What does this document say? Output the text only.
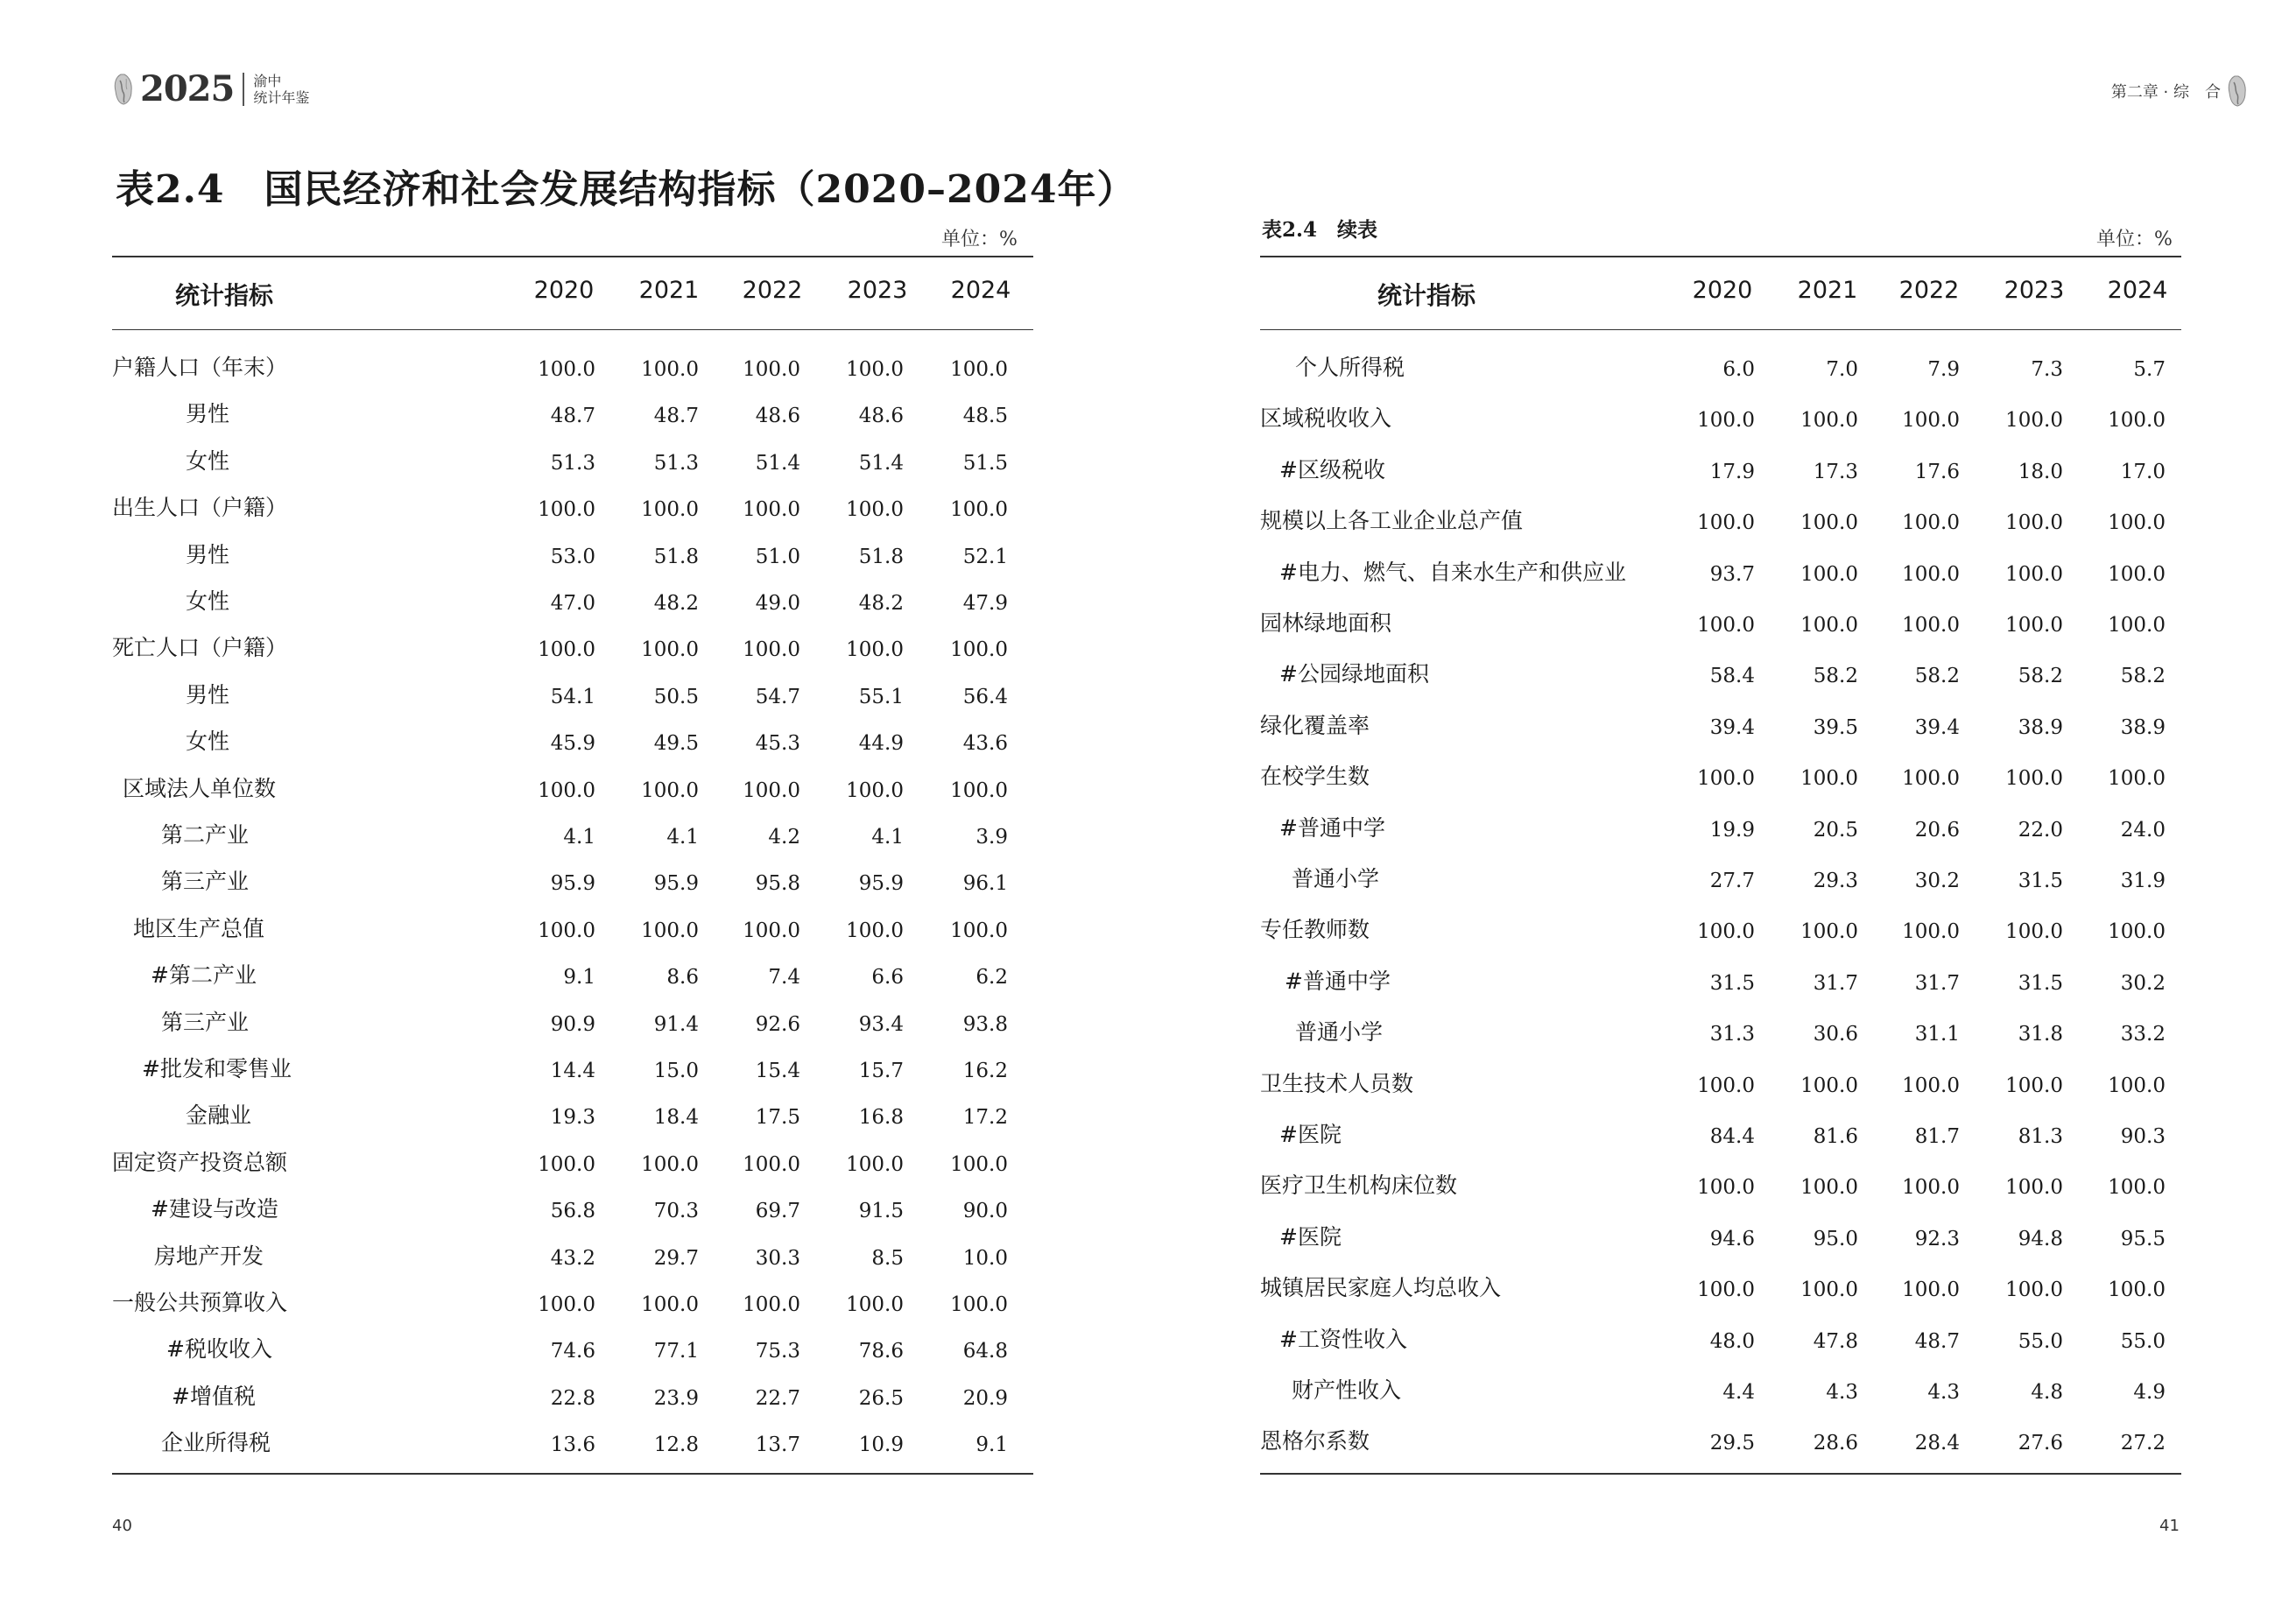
2025 渝中
统计年鉴
表2.4　国民经济和社会发展结构指标（2020–2024年）
单位：%
统计指标	2020 2021 2022 2023 2024
户籍人口（年末）	100.0	100.0	100.0	100.0	100.0
男性	48.7	48.7	48.6	48.6	48.5
女性	51.3	51.3	51.4	51.4	51.5
出生人口（户籍）	100.0	100.0	100.0	100.0	100.0
男性	53.0	51.8	51.0	51.8	52.1
女性	47.0	48.2	49.0	48.2	47.9
死亡人口（户籍）	100.0	100.0	100.0	100.0	100.0
男性	54.1	50.5	54.7	55.1	56.4
女性	45.9	49.5	45.3	44.9	43.6
区域法人单位数	100.0	100.0	100.0	100.0	100.0
第二产业	4.1	4.1	4.2	4.1	3.9
第三产业	95.9	95.9	95.8	95.9	96.1
地区生产总值	100.0	100.0	100.0	100.0	100.0
#第二产业	9.1	8.6	7.4	6.6	6.2
第三产业	90.9	91.4	92.6	93.4	93.8
#批发和零售业	14.4	15.0	15.4	15.7	16.2
金融业	19.3	18.4	17.5	16.8	17.2
固定资产投资总额	100.0	100.0	100.0	100.0	100.0
#建设与改造	56.8	70.3	69.7	91.5	90.0
房地产开发	43.2	29.7	30.3	8.5	10.0
一般公共预算收入	100.0	100.0	100.0	100.0	100.0
#税收收入	74.6	77.1	75.3	78.6	64.8
#增值税	22.8	23.9	22.7	26.5	20.9
企业所得税	13.6	12.8	13.7	10.9	9.1
40
第二章 · 综　合
表2.4　续表	单位：%
统计指标	2020 2021 2022 2023 2024
个人所得税	6.0	7.0	7.9	7.3	5.7
区域税收收入	100.0	100.0	100.0	100.0	100.0
#区级税收	17.9	17.3	17.6	18.0	17.0
规模以上各工业企业总产值	100.0	100.0	100.0	100.0	100.0
#电力、燃气、自来水生产和供应业	93.7	100.0	100.0	100.0	100.0
园林绿地面积	100.0	100.0	100.0	100.0	100.0
#公园绿地面积	58.4	58.2	58.2	58.2	58.2
绿化覆盖率	39.4	39.5	39.4	38.9	38.9
在校学生数	100.0	100.0	100.0	100.0	100.0
#普通中学	19.9	20.5	20.6	22.0	24.0
普通小学	27.7	29.3	30.2	31.5	31.9
专任教师数	100.0	100.0	100.0	100.0	100.0
#普通中学	31.5	31.7	31.7	31.5	30.2
普通小学	31.3	30.6	31.1	31.8	33.2
卫生技术人员数	100.0	100.0	100.0	100.0	100.0
#医院	84.4	81.6	81.7	81.3	90.3
医疗卫生机构床位数	100.0	100.0	100.0	100.0	100.0
#医院	94.6	95.0	92.3	94.8	95.5
城镇居民家庭人均总收入	100.0	100.0	100.0	100.0	100.0
#工资性收入	48.0	47.8	48.7	55.0	55.0
财产性收入	4.4	4.3	4.3	4.8	4.9
恩格尔系数	29.5	28.6	28.4	27.6	27.2
41
